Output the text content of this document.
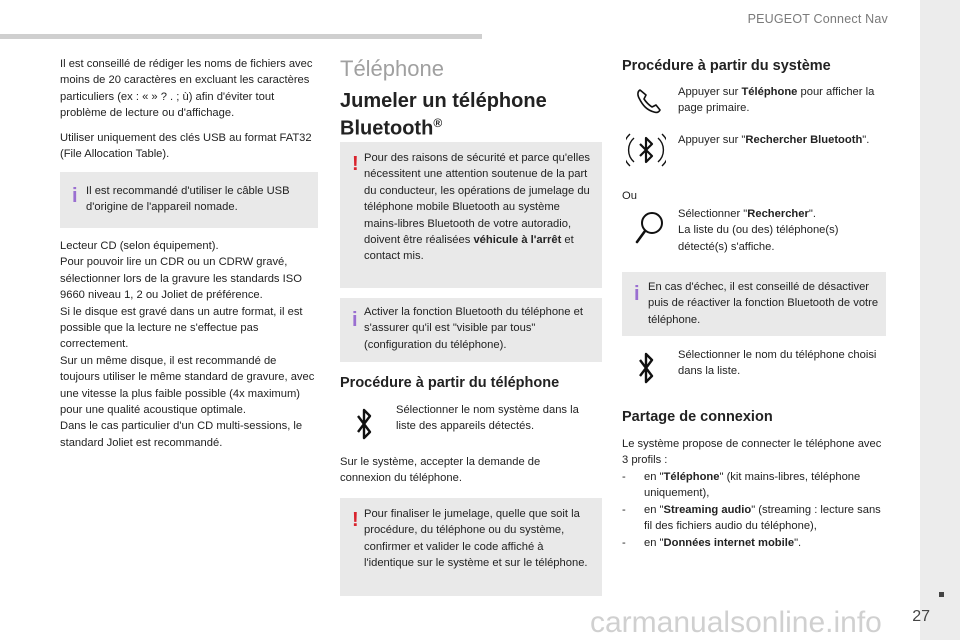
PEUGEOT Connect Nav
27

Il est conseillé de rédiger les noms de fichiers avec moins de 20 caractères en excluant les caractères particuliers (ex : « » ? . ; ù) afin d'éviter tout problème de lecture ou d'affichage.

Utiliser uniquement des clés USB au format FAT32 (File Allocation Table).

i Il est recommandé d'utiliser le câble USB d'origine de l'appareil nomade.

Lecteur CD (selon équipement).
Pour pouvoir lire un CDR ou un CDRW gravé, sélectionner lors de la gravure les standards ISO 9660 niveau 1, 2 ou Joliet de préférence.
Si le disque est gravé dans un autre format, il est possible que la lecture ne s'effectue pas correctement.
Sur un même disque, il est recommandé de toujours utiliser le même standard de gravure, avec une vitesse la plus faible possible (4x maximum) pour une qualité acoustique optimale.
Dans le cas particulier d'un CD multi-sessions, le standard Joliet est recommandé.

Téléphone
Jumeler un téléphone Bluetooth®
! Pour des raisons de sécurité et parce qu'elles nécessitent une attention soutenue de la part du conducteur, les opérations de jumelage du téléphone mobile Bluetooth au système mains-libres Bluetooth de votre autoradio, doivent être réalisées véhicule à l'arrêt et contact mis.
i Activer la fonction Bluetooth du téléphone et s'assurer qu'il est "visible par tous" (configuration du téléphone).
Procédure à partir du téléphone

Sélectionner le nom système dans la liste des appareils détectés.

Sur le système, accepter la demande de connexion du téléphone.

! Pour finaliser le jumelage, quelle que soit la procédure, du téléphone ou du système, confirmer et valider le code affiché à l'identique sur le système et sur le téléphone.
Procédure à partir du système

Appuyer sur Téléphone pour afficher la page primaire.

Appuyer sur "Rechercher Bluetooth".

Ou

Sélectionner "Rechercher".
La liste du (ou des) téléphone(s) détecté(s) s'affiche.

i En cas d'échec, il est conseillé de désactiver puis de réactiver la fonction Bluetooth de votre téléphone.

Sélectionner le nom du téléphone choisi dans la liste.

Partage de connexion

Le système propose de connecter le téléphone avec 3 profils :

- en "Téléphone" (kit mains-libres, téléphone uniquement),
- en "Streaming audio" (streaming : lecture sans fil des fichiers audio du téléphone),
- en "Données internet mobile".
carmanualsonline.info
